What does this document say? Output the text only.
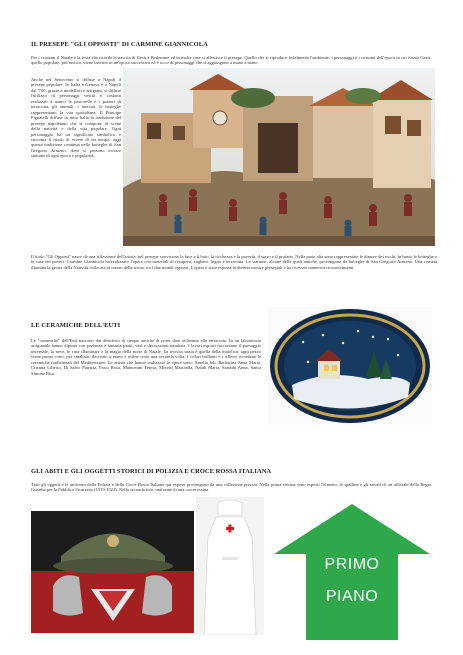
IL PRESEPE "GLI OPPOSTI" DI CARMINE GIANNICOLA
Per i cristiani il Natale è la festa che ricorda la nascita di Gesù a Betlemme ed in molte case si allestisce il presepe. Quello che si riproduce fedelmente l'ambiente, i personaggi e i costumi dell'epoca in cui è nato Gesù; quello popolare, più rustico, viene inserito in un'epoca successiva ed è ricco di personaggi che si aggiungono a mano a mano.
Anche nel Settecento si diffuse a Napoli il presepe popolare. In Italia a Genova e a Napoli dal '700, grazie a modellisti e artigiani, si diffuse l'utilizzo di personaggi vestiti e costumi realizzati a mano: le pastorelle e i pastori di terracotta, gli animali, i mercati, le botteghe rappresentano la vita quotidiana. Il Principe Pignatelli diffuse in tutta Italia la tradizione del presepe napoletano che si compone di scene della natività e della vita popolare. Ogni personaggio ha un significato simbolico e racconta il modo di vivere di un tempo; oggi questa tradizione continua nelle botteghe di San Gregorio Armeno, dove si possono trovare statuine di ogni epoca e popolarità.
Il titolo "Gli Opposti" nasce da una riflessione dell'artista: nel presepe convivono la luce e il buio, la ricchezza e la povertà, il sacro e il profano. Nella parte alta sono rappresentate le dimore dei ricchi, in basso le botteghe e le case dei poveri. Carmine Giannicola ha realizzato l'opera con materiali di recupero, sughero, legno e terracotta. Le statuine, alcune delle quali antiche, provengono da botteghe di San Gregorio Armeno. Una cometa illumina la grotta della Natività collocata al centro della scena, tra i due mondi opposti. L'opera è stata esposta in diverse mostre presepiali e ha ricevuto numerosi riconoscimenti.
LE CERAMICHE DELL'EUTI
Le "ceramiche" dell'Euti nascono dal desiderio di cinque amiche di poter dare un'anima alla terracotta. In un laboratorio artigianale hanno dipinto con pazienza e fantasia piatti, vasi e decorazioni natalizie. I lavori esposti raccontano il paesaggio invernale, la neve, le case illuminate e la magia della notte di Natale. La tecnica usata è quella della maiolica: ogni pezzo viene prima cotto, poi smaltato, decorato a mano e infine cotto una seconda volta. I colori brillanti e i riflessi ricordano le ceramiche tradizionali del Mediterraneo. Le artiste che hanno realizzato le opere sono: Amelia Ioli, Barbarina Anna Maria, Cristina Liberio, Di Salvo Patrizia, Fosci Rosa, Mantovani Teresa, Moretti Marinella, Natali Marta, Sarubbi Anna, Santo Simone Rita.
GLI ABITI E GLI OGGETTI STORICI DI POLIZIA E CROCE ROSSA ITALIANA
Tutti gli oggetti e le uniformi della Polizia e della Croce Rossa Italiana qui esposti provengono da una collezione privata. Nella prima vetrina sono esposti l'elmetto, le spalline e gli stivali di un ufficiale della Regia Guardia per la Pubblica Sicurezza (1919-1923). Nella seconda foto, uniforme di una crocerossina.
PRIMO
PIANO
